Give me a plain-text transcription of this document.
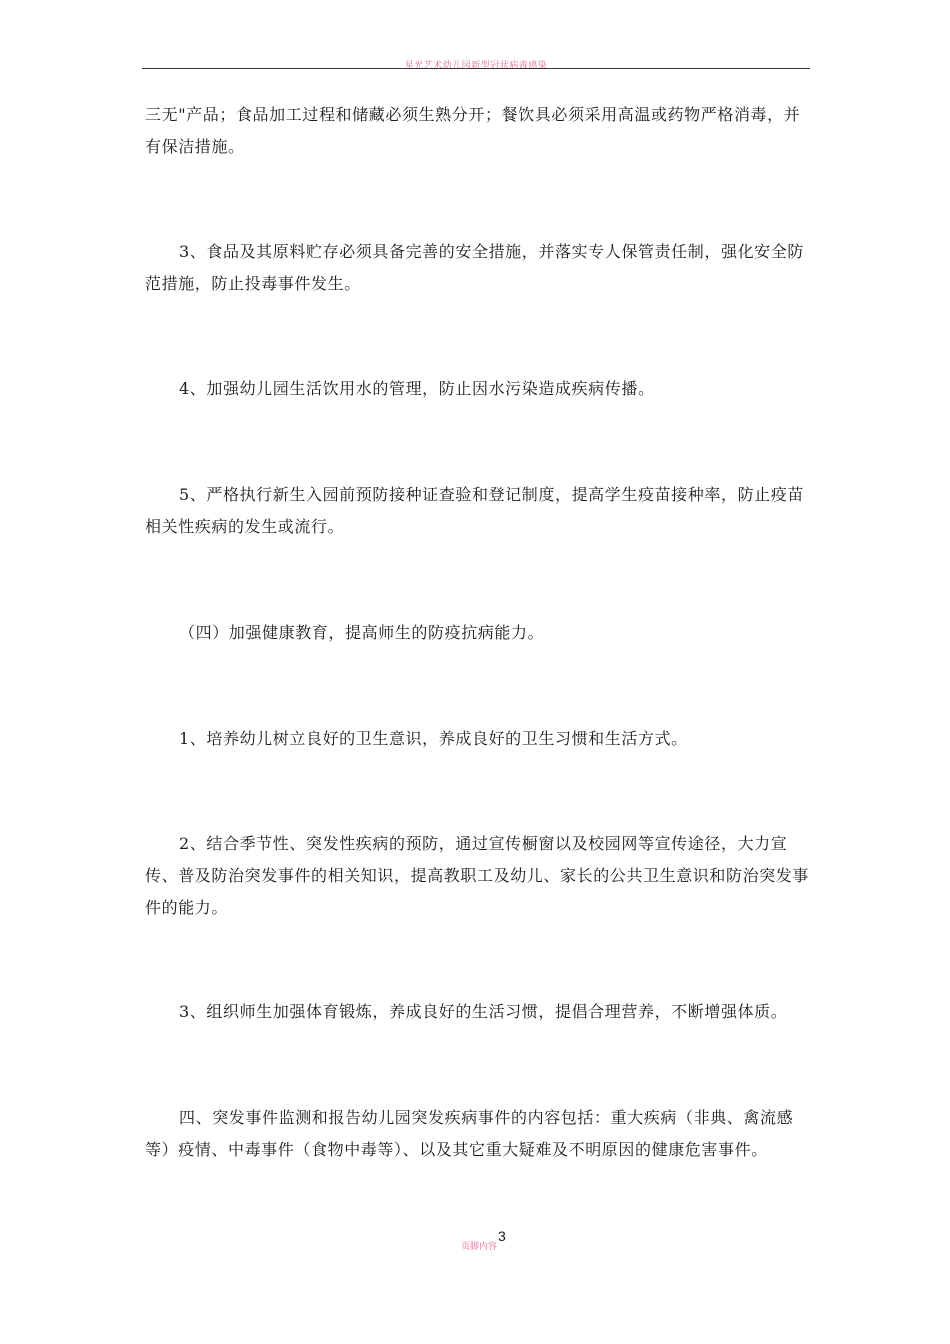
星光艺术幼儿园新型冠状病毒感染

三无"产品；食品加工过程和储藏必须生熟分开；餐饮具必须采用高温或药物严格消毒，并有保洁措施。

3、食品及其原料贮存必须具备完善的安全措施，并落实专人保管责任制，强化安全防范措施，防止投毒事件发生。

4、加强幼儿园生活饮用水的管理，防止因水污染造成疾病传播。

5、严格执行新生入园前预防接种证查验和登记制度，提高学生疫苗接种率，防止疫苗相关性疾病的发生或流行。

（四）加强健康教育，提高师生的防疫抗病能力。

1、培养幼儿树立良好的卫生意识，养成良好的卫生习惯和生活方式。

2、结合季节性、突发性疾病的预防，通过宣传橱窗以及校园网等宣传途径，大力宣传、普及防治突发事件的相关知识，提高教职工及幼儿、家长的公共卫生意识和防治突发事件的能力。

3、组织师生加强体育锻炼，养成良好的生活习惯，提倡合理营养，不断增强体质。

四、突发事件监测和报告幼儿园突发疾病事件的内容包括：重大疾病（非典、禽流感等）疫情、中毒事件（食物中毒等）、以及其它重大疑难及不明原因的健康危害事件。

页脚内容
3
